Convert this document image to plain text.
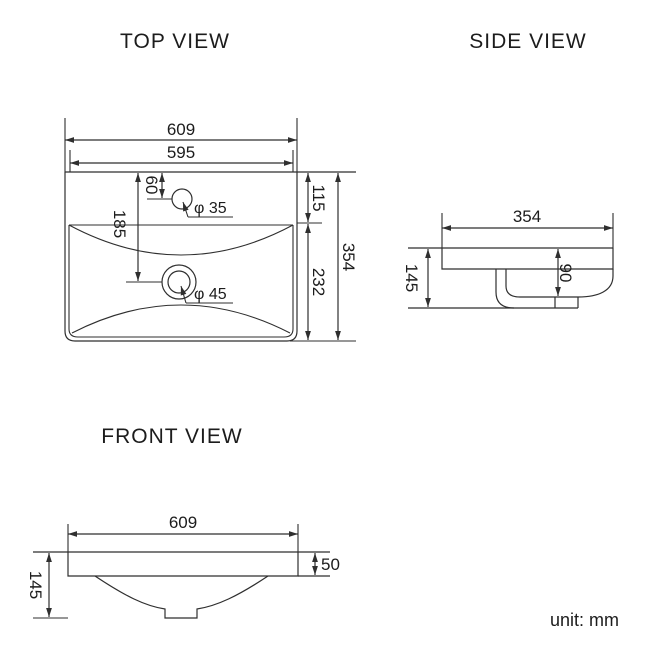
TOP VIEW
φ 35
φ 45
609
595
115
232
354
60
185
SIDE VIEW
354
145	90
FRONT VIEW
609
50
145
unit: mm
